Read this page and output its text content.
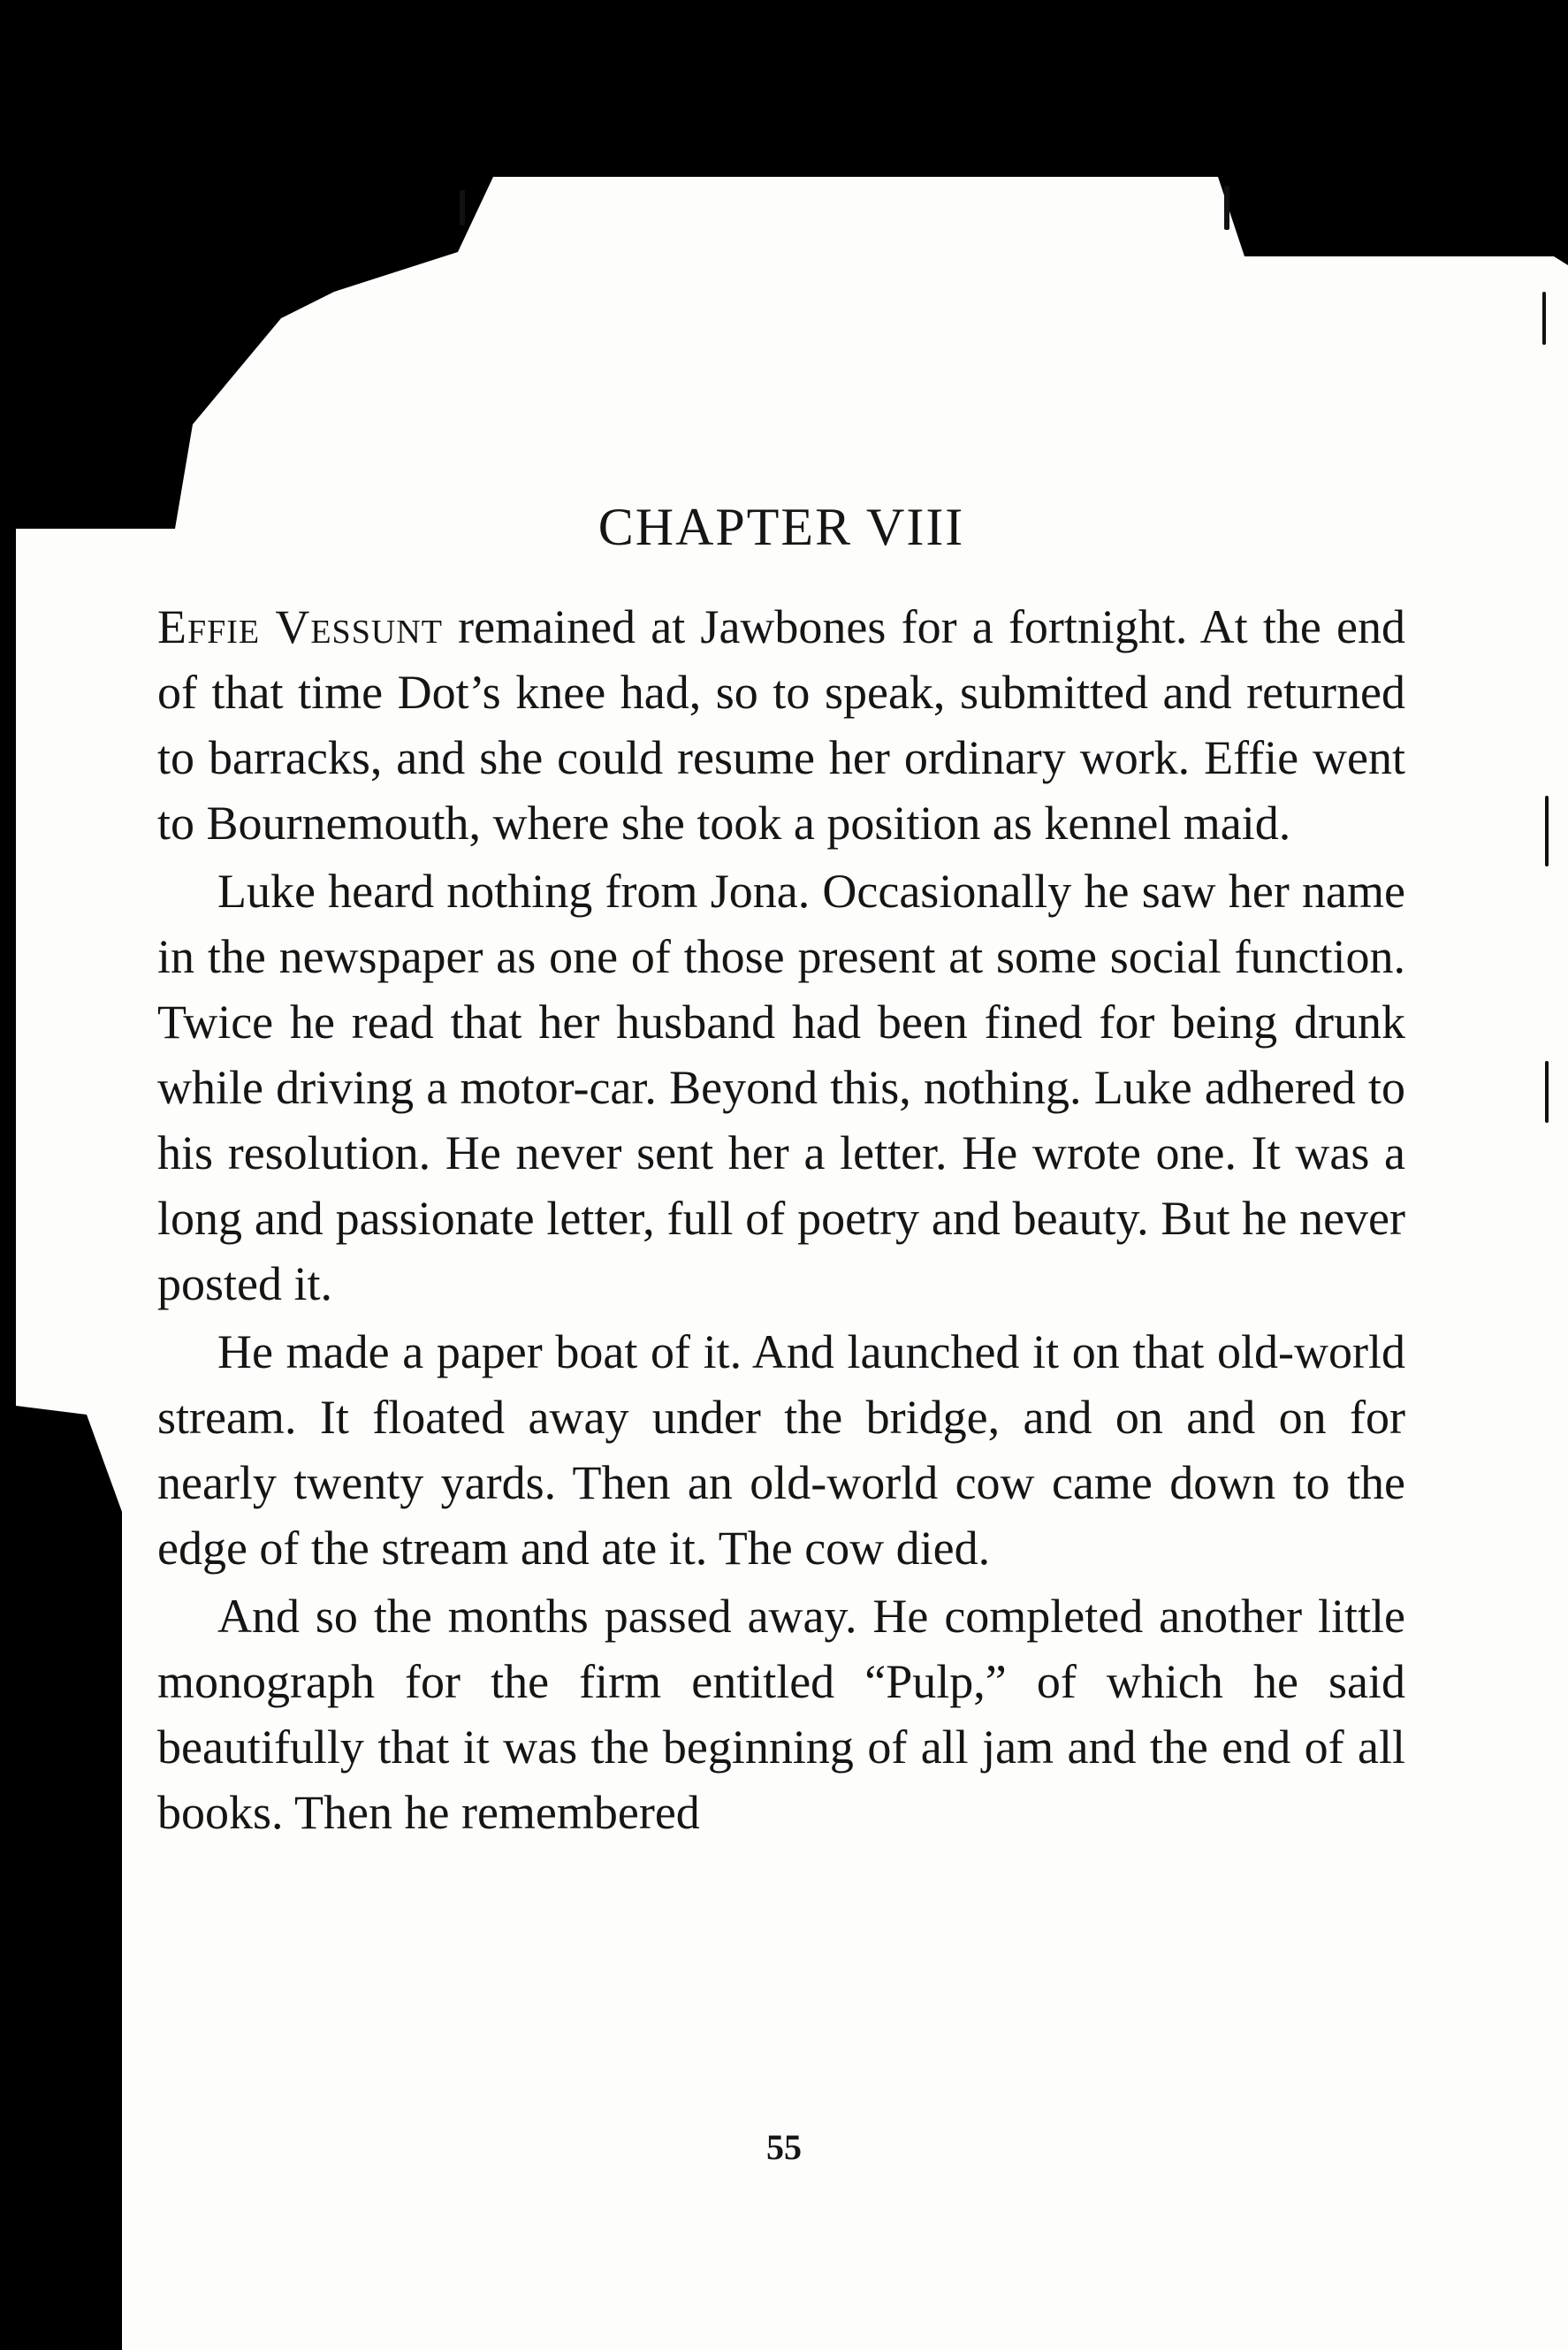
CHAPTER VIII

Effie Vessunt remained at Jawbones for a fortnight. At the end of that time Dot’s knee had, so to speak, submitted and returned to barracks, and she could resume her ordinary work. Effie went to Bournemouth, where she took a position as kennel maid.

Luke heard nothing from Jona. Occasionally he saw her name in the newspaper as one of those present at some social function. Twice he read that her husband had been fined for being drunk while driving a motor-car. Beyond this, nothing. Luke adhered to his resolution. He never sent her a letter. He wrote one. It was a long and passionate letter, full of poetry and beauty. But he never posted it.

He made a paper boat of it. And launched it on that old-world stream. It floated away under the bridge, and on and on for nearly twenty yards. Then an old-world cow came down to the edge of the stream and ate it. The cow died.

And so the months passed away. He completed another little monograph for the firm entitled “Pulp,” of which he said beautifully that it was the beginning of all jam and the end of all books. Then he remembered

55
